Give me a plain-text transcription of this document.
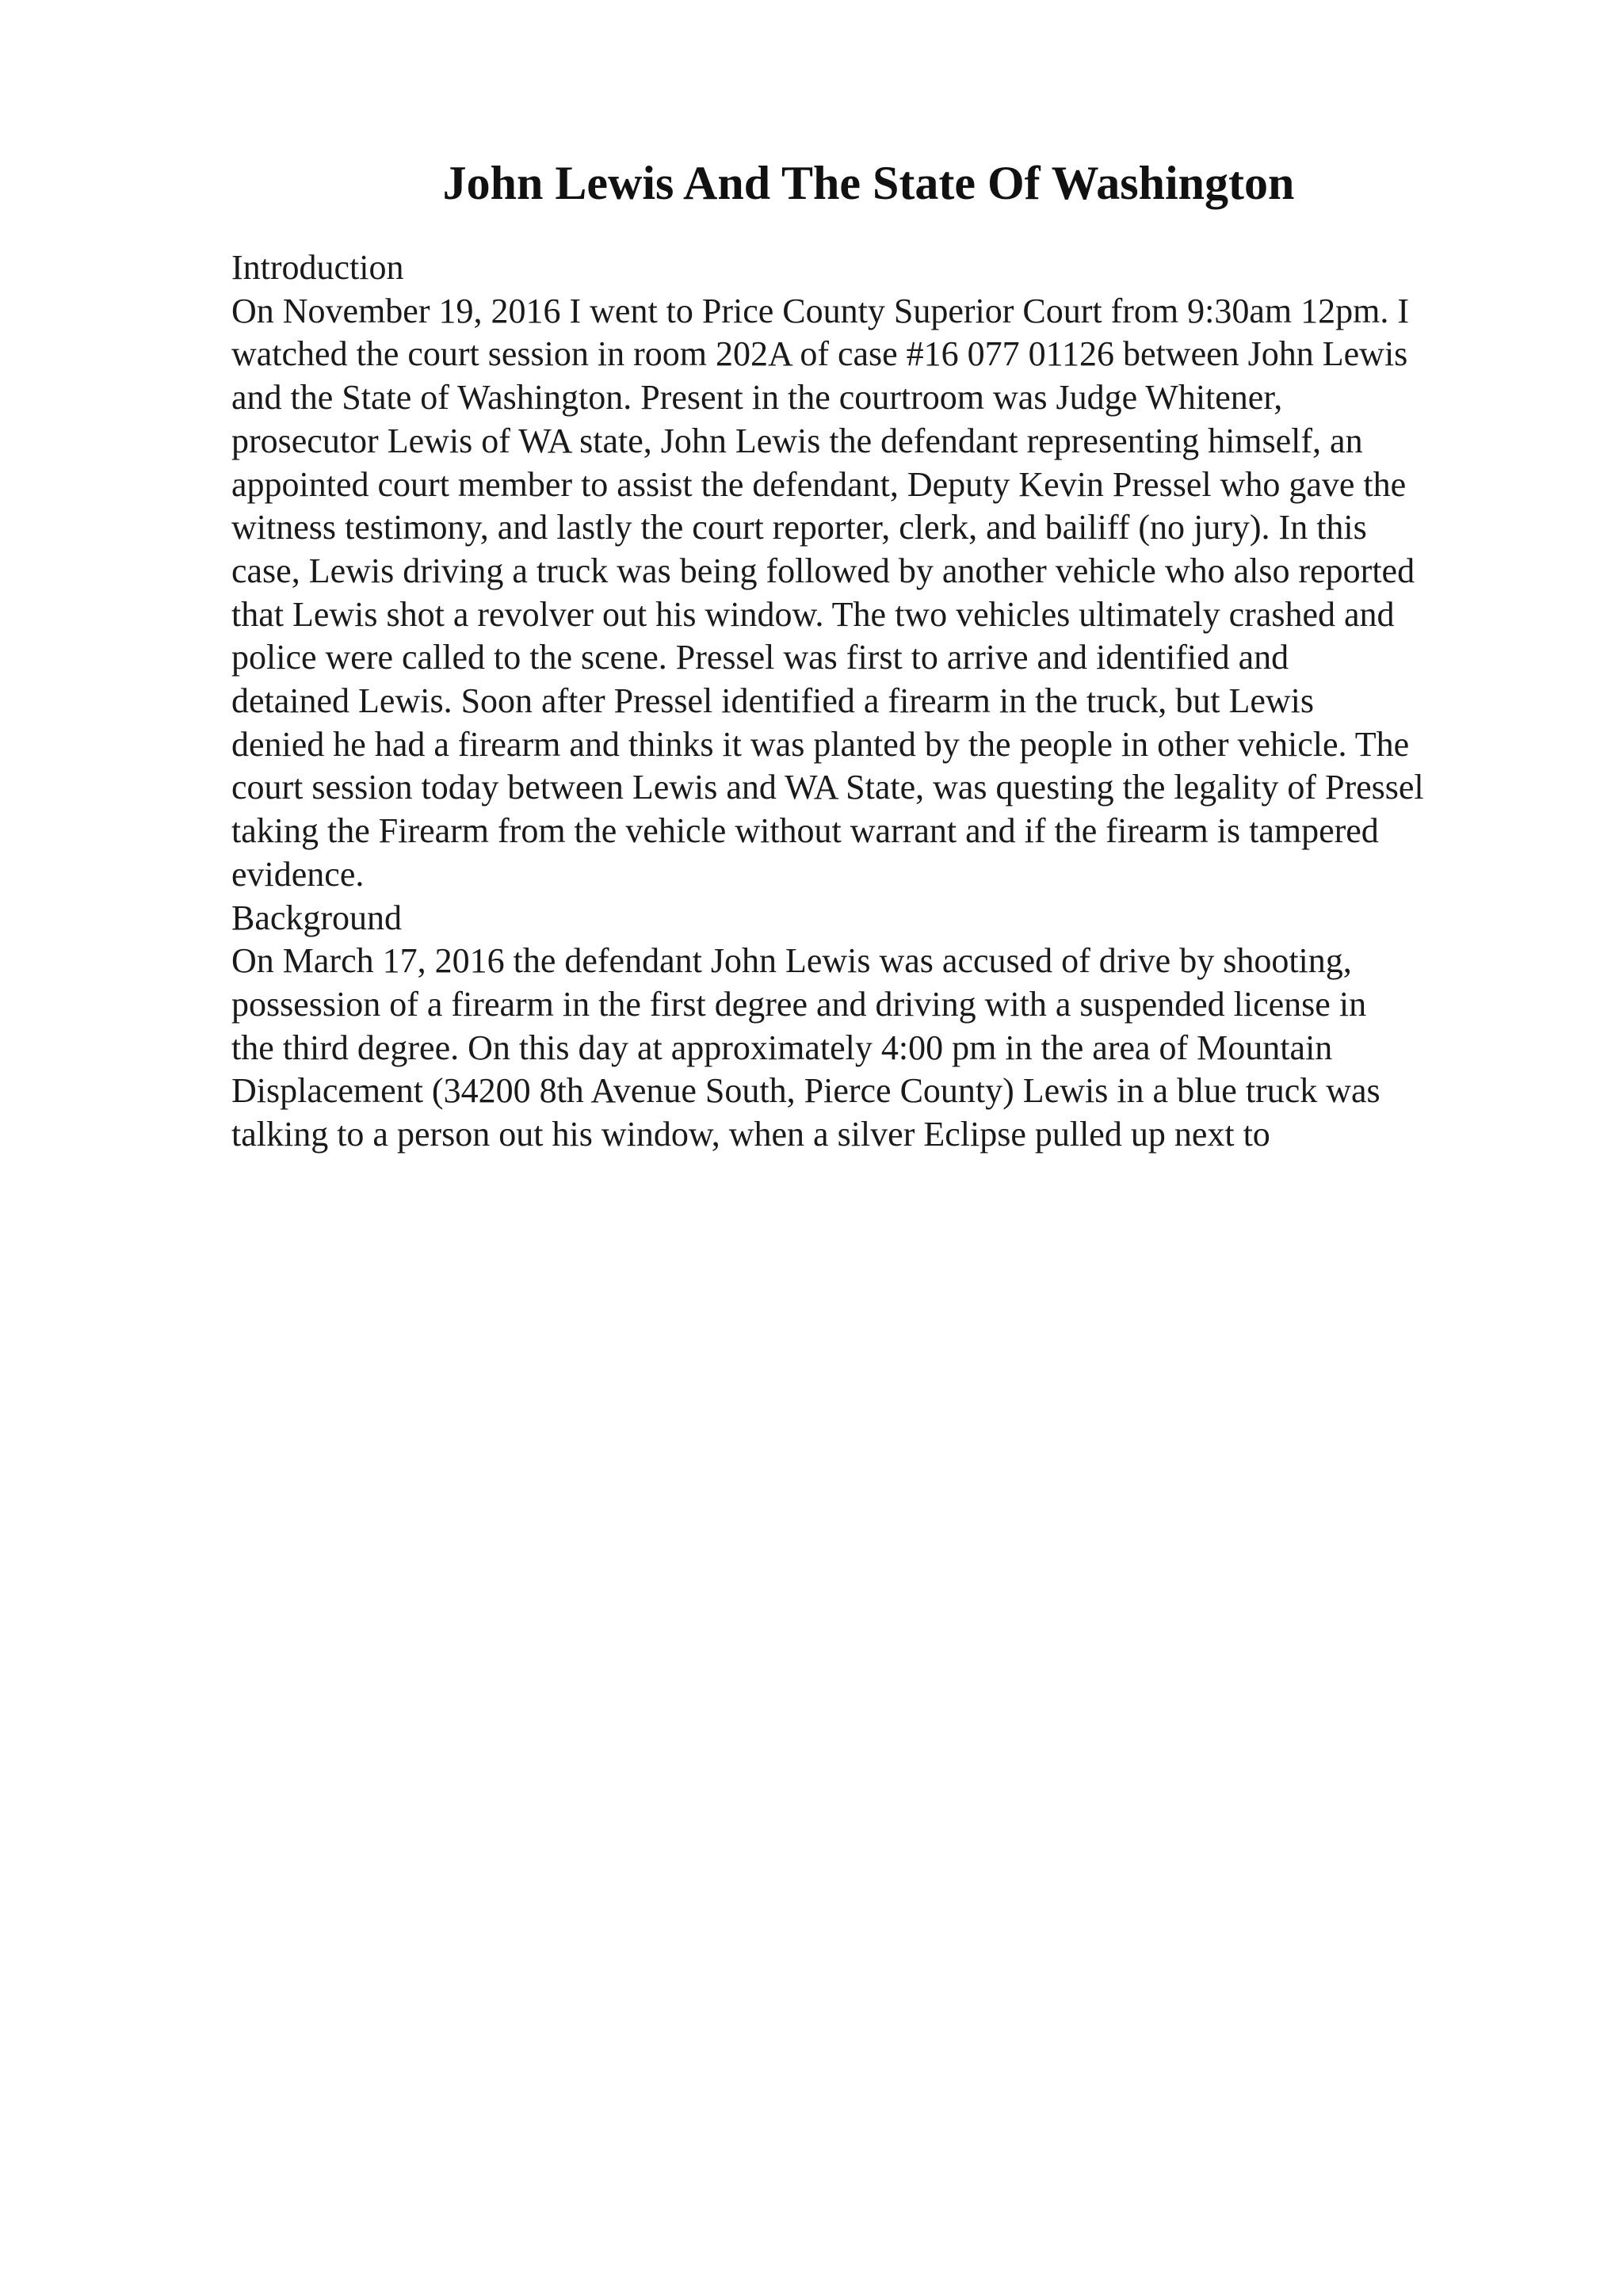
John Lewis And The State Of Washington
Introduction

On November 19, 2016 I went to Price County Superior Court from 9:30am 12pm. I
watched the court session in room 202A of case #16 077 01126 between John Lewis
and the State of Washington. Present in the courtroom was Judge Whitener,
prosecutor Lewis of WA state, John Lewis the defendant representing himself, an
appointed court member to assist the defendant, Deputy Kevin Pressel who gave the
witness testimony, and lastly the court reporter, clerk, and bailiff (no jury). In this
case, Lewis driving a truck was being followed by another vehicle who also reported
that Lewis shot a revolver out his window. The two vehicles ultimately crashed and
police were called to the scene. Pressel was first to arrive and identified and
detained Lewis. Soon after Pressel identified a firearm in the truck, but Lewis
denied he had a firearm and thinks it was planted by the people in other vehicle. The
court session today between Lewis and WA State, was questing the legality of Pressel
taking the Firearm from the vehicle without warrant and if the firearm is tampered
evidence.

Background

On March 17, 2016 the defendant John Lewis was accused of drive by shooting,
possession of a firearm in the first degree and driving with a suspended license in
the third degree. On this day at approximately 4:00 pm in the area of Mountain
Displacement (34200 8th Avenue South, Pierce County) Lewis in a blue truck was
talking to a person out his window, when a silver Eclipse pulled up next to
